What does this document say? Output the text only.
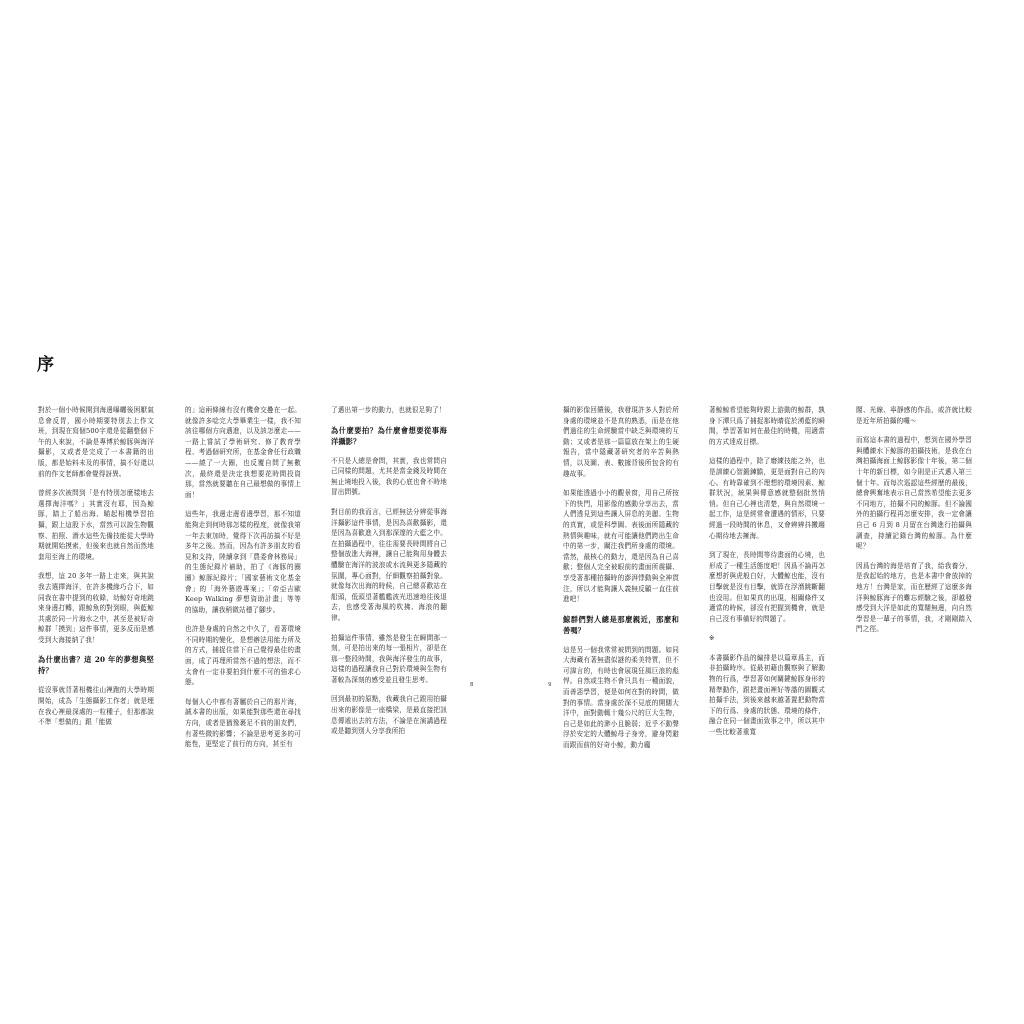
序

對於一個小時候開到海邊曝曬後困厭氣息會反胃，國小時期要特別去上作文班，到現在寫個500字還是從翻整個下午的人來說，不論是專博於鯨豚與海洋攝影，又或者是完成了一本書籍的出版，都是始料未及的事情，搞不好還以前的作文老師都會覺得訝異。

曾經多次被問到「是有特別怎麼樣地去選擇海洋嗎？」其實沒有耶，因為鯨豚，踏上了船出海、瞄起相機學習拍攝，跟上這股下水，當然可以說生物觀察、拍照、潛水這些先備技能從大學時期就開始摸索，但後來也就自然而然地套用至海上的環境。

我想，這 20 多年一路上走來，與其說我去選擇海洋，在許多機緣巧合下，如同我在書中提到的收錄，幼鯨好奇地跳來身邊打轉，跟鯨魚的對到眼，與藍鯨共處於同一片海水之中，甚至是被好奇鯨群「摸到」這件事情，更多反而是感受到大海接納了我！

為什麼出書？這 20 年的夢想與堅持？

從沒事就背著相機往山裡跑的大學時期開始，成為「生態攝影工作者」就是埋在我心裡最深處的一粒種子，但那都說不準「想做的」跟「能做

的」這兩條線有沒有機會交疊在一起。就像許多唸完大學畢業生一樣，我不知該往哪個方向邁進，以及該怎麼走——一路上嘗試了學術研究、修了教育學程、考過個研究所，在基金會任行政職——繞了一大圈，也反覆自問了無數次，最終還是決定我想要花時間投資那，當然就要聽在自己最想做的事情上面！

這些年，我邊走邊看邊學習，那不知道能夠走到何時那怎樣的程度，就像我第一年去東加時，覺得下次再訪搞不好是多年之後。然而，因為有許多朋友的看見和支持，陸續拿到「農委會林務局」的生態紀錄片補助，拍了《海豚的圈圈》鯨豚紀錄片；「國家藝術文化基金會」的「海外藝遊專案」；「帝亞吉歐 Keep Walking 夢想資助計畫」等等的協助，讓我稍微站穩了腳步。

也許是身處的自然之中久了，看著環境不同時期的變化，是想辦法用能力所及的方式，捕捉住當下自己覺得最佳的畫面，成了再理所當然不過的想法，而不太會有一定非要拍到什麼不可的強求心態。

每個人心中都有著屬於自己的那片海，誠本書的出版，如果能對那些還在尋找方向，或者是猶豫裹足不前的朋友們，有著些微的影響；不論是思考更多的可能性，更堅定了前行的方向，甚至有

了邁出第一步的動力，也就很足夠了！

為什麼要拍？為什麼會想要從事海洋攝影？

不只是人總是會問，其實，我也常問自己同樣的問題，尤其是當金錢及時間在無止境地投入後，我的心底也會不時地冒出問號。

對目前的我而言，已經無法分辨從事海洋攝影這件事情，是因為喜歡攝影，還是因為喜歡進入到那深邃的大藍之中。在拍攝過程中，往往需要長時間將自己整個放進大海裡，讓自己能夠用身體去體驗在海洋的波浪或水流與更多隱藏的氛圍，專心面對，仔細觀察拍攝對象。就像每次出海的時候，自己總喜歡站在船頭，低頭望著艦艦波光迅速地往後退去，也感受著海風的吹拂、海浪的翻律。

拍攝這件事情，雖然是發生在瞬間那一刻，可是拍出來的每一張相片，卻是在那一整段時間，我與海洋發生的故事，這樣的過程讓我自己對於環境與生物有著較為深刻的感受並且發生思考。

回到最初的原點，我藏我自己跟用拍攝出來的影像是一座橋梁，是最直接把訊息傳遞出去的方法，不論是在演講過程或是聽到別人分享我所拍

攝的影像回饋後，我發現許多人對於所身處的環境並不是真的熟悉，而是在他們過往的生命經驗當中缺乏與環境的互動；又或者是那一篇篇放在架上的生硬報告，當中隱藏著研究者的辛苦與熱情，以及圖、表、數據背後所包含的有趣故事。

如果能透過小小的觀景窗，用自己所按下的快門，用影像的感動分享出去，當人們透見到這些讓人屏息的美麗、生物的真實，或是科學圖、表後面所隱藏的熱情與趣味，就有可能讓他們跨出生命中的第一步，關注我們所身處的環境。當然，最核心的動力，還是因為自己喜歡；整個人完全被眼前的畫面所震攝、享受著那種拍攝時的澎湃悸動與全神貫注，所以才能夠讓人義無反顧一直往前進吧！

鯨群們對人總是那麼親近，那麼和善嗎？

這是另一個我常常被問到的問題。如同大海藏有著無盡似謎的柔美特質，但不可諱言的，有時也會展現狂風巨浪的彪悍。自然或生物不會只具有一種面貌，而善惡學習，便是如何在對的時間，做對的事情。當身處於深不見底的開闊大洋中，面對動輒十幾公尺的巨大生物，自己是如此的渺小且脆弱；近乎不動聲浮於安定的大體鯨母子身旁，避身閃避而跟而前的好奇小鯨，動力龐

著鯨鯨希望能夠時跟上游動的鯨群，孰身下潭只爲了捕捉那時睛從於湧藍的瞬間，學習著如何在最佳的時機，用適當的方式達成目標。

這樣的過程中，除了磨練技能之外，也是訓練心智鍛鍊膽，更是面對自己的內心。有時靠確到不理想的環境因素、鯨群狀況，統果與傳意感就整個批然悄悄。但自己心裡也清楚，與自然環境一起工作，這是經常會遭遇的情形，只要經過一段時間的休息，又會辨辨抖擻趨心期待地去擁海。

到了現在，長時間等待畫面的心境，也形成了一種生活態度吧！因爲不論再怎麼想折與虎般白好，大體鯨也能，沒有目擊就是沒有目擊，就算在浮潛跳斷翻也沒用。但如果真的出現，相關條件又適當的時候，卻沒有把握到機會，就是自己沒有事備好的問題了。

※

本書攝影作品的編排是以篇章爲主，而非拍攝時序。從最初藉由觀察與了解動物的行爲，學習著如何關鍵鯨豚身形的精準動作，跟把畫面裡好等諧的圖觀式拍攝手法，到後來越來越著置把動物當下的行爲、身處的狀態、環境的條件，融合在同一個畫面致事之中，所以其中一些比較著重寬

闊、光線、寧靜感的作品，或許就比較是近年所拍攝的囉～

而寫這本書的過程中，想到在國外學習與體練水下鯨豚的拍攝技術，是我在台灣拍攝海面上鯨豚影像十年後，第二個十年的新目標，如今則是正式邁入第三個十年。而每次巡認這些經歷的最後，總會興奮地表示自己當然希望能去更多不同地方，拍攝不同的鯨豚。但不論國外的拍攝行程再怎麼安排，我一定會讓自己 6 月到 8 月留在台灣進行拍攝與調查，持續記錄台灣的鯨豚。為什麼呢？

因爲台灣的海是培育了我，給我養分，是我起始的地方，也是本書中會放掉的地方！台灣是家，而在歷經了這麼多海洋與鯨豚海子的難忘經驗之後，卻越發感受到大洋是如此的寬闊無邊，向自然學習是一輩子的事情，我，才剛剛踏入門之徑。

8	9
